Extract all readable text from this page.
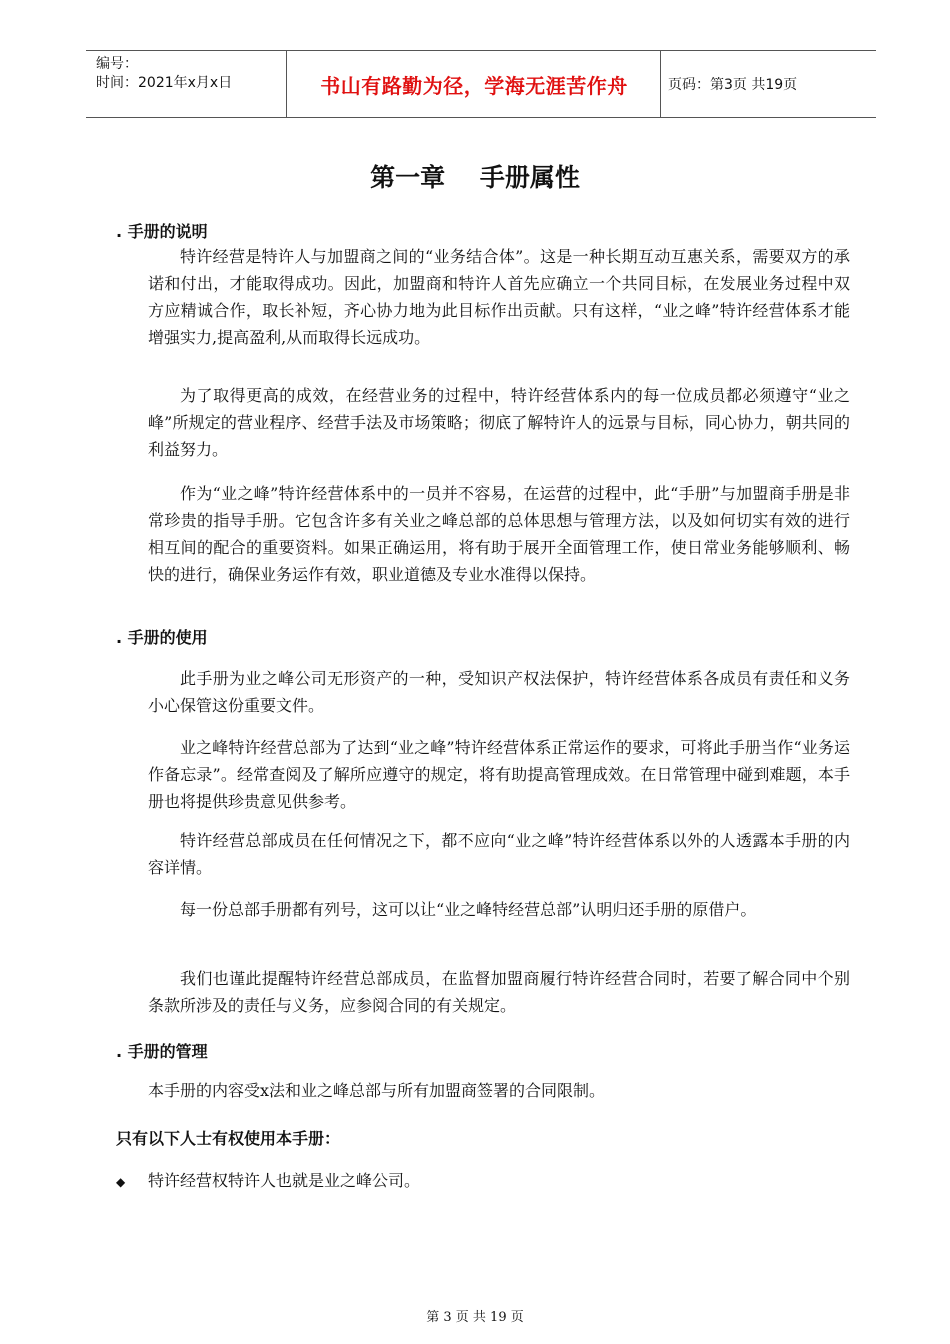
编号：
时间：2021年x月x日	书山有路勤为径，学海无涯苦作舟	页码：第3页 共19页
第一章    手册属性
. 手册的说明
特许经营是特许人与加盟商之间的“业务结合体”。这是一种长期互动互惠关系，需要双方的承诺和付出，才能取得成功。因此，加盟商和特许人首先应确立一个共同目标，在发展业务过程中双方应精诚合作，取长补短，齐心协力地为此目标作出贡献。只有这样，“业之峰”特许经营体系才能增强实力,提高盈利,从而取得长远成功。
为了取得更高的成效，在经营业务的过程中，特许经营体系内的每一位成员都必须遵守“业之峰”所规定的营业程序、经营手法及市场策略；彻底了解特许人的远景与目标，同心协力，朝共同的利益努力。
作为“业之峰”特许经营体系中的一员并不容易，在运营的过程中，此“手册”与加盟商手册是非常珍贵的指导手册。它包含许多有关业之峰总部的总体思想与管理方法，以及如何切实有效的进行相互间的配合的重要资料。如果正确运用，将有助于展开全面管理工作，使日常业务能够顺利、畅快的进行，确保业务运作有效，职业道德及专业水准得以保持。
. 手册的使用
此手册为业之峰公司无形资产的一种，受知识产权法保护，特许经营体系各成员有责任和义务小心保管这份重要文件。
业之峰特许经营总部为了达到“业之峰”特许经营体系正常运作的要求，可将此手册当作“业务运作备忘录”。经常查阅及了解所应遵守的规定，将有助提高管理成效。在日常管理中碰到难题，本手册也将提供珍贵意见供参考。
特许经营总部成员在任何情况之下，都不应向“业之峰”特许经营体系以外的人透露本手册的内容详情。
每一份总部手册都有列号，这可以让“业之峰特经营总部”认明归还手册的原借户。
我们也谨此提醒特许经营总部成员，在监督加盟商履行特许经营合同时，若要了解合同中个别条款所涉及的责任与义务，应参阅合同的有关规定。
. 手册的管理
本手册的内容受x法和业之峰总部与所有加盟商签署的合同限制。
只有以下人士有权使用本手册：
◆ 特许经营权特许人也就是业之峰公司。
第 3 页 共 19 页
